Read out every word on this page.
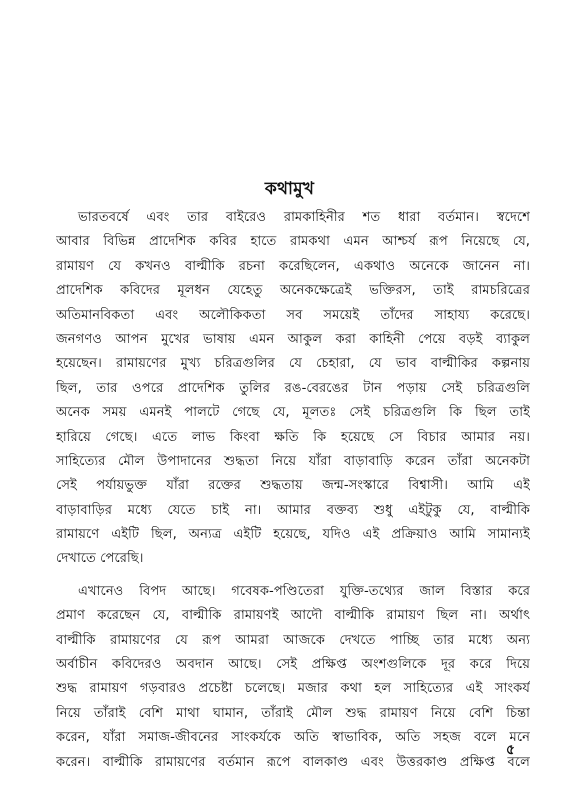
কথামুখ
ভারতবর্ষে এবং তার বাইরেও রামকাহিনীর শত ধারা বর্তমান। স্বদেশে
আবার বিভিন্ন প্রাদেশিক কবির হাতে রামকথা এমন আশ্চর্য রূপ নিয়েছে যে,
রামায়ণ যে কখনও বাল্মীকি রচনা করেছিলেন, একথাও অনেকে জানেন না।
প্রাদেশিক কবিদের মূলধন যেহেতু অনেকক্ষেত্রেই ভক্তিরস, তাই রামচরিত্রের
অতিমানবিকতা এবং অলৌকিকতা সব সময়েই তাঁদের সাহায্য করেছে।
জনগণও আপন মুখের ভাষায় এমন আকুল করা কাহিনী পেয়ে বড়ই ব্যাকুল
হয়েছেন। রামায়ণের মুখ্য চরিত্রগুলির যে চেহারা, যে ভাব বাল্মীকির কল্পনায়
ছিল, তার ওপরে প্রাদেশিক তুলির রঙ-বেরঙের টান পড়ায় সেই চরিত্রগুলি
অনেক সময় এমনই পালটে গেছে যে, মূলতঃ সেই চরিত্রগুলি কি ছিল তাই
হারিয়ে গেছে। এতে লাভ কিংবা ক্ষতি কি হয়েছে সে বিচার আমার নয়।
সাহিত্যের মৌল উপাদানের শুদ্ধতা নিয়ে যাঁরা বাড়াবাড়ি করেন তাঁরা অনেকটা
সেই পর্যায়ভুক্ত যাঁরা রক্তের শুদ্ধতায় জন্ম-সংস্কারে বিশ্বাসী। আমি এই
বাড়াবাড়ির মধ্যে যেতে চাই না। আমার বক্তব্য শুধু এইটুকু যে, বাল্মীকি
রামায়ণে এইটি ছিল, অন্যত্র এইটি হয়েছে, যদিও এই প্রক্রিয়াও আমি সামান্যই
দেখাতে পেরেছি।
এখানেও বিপদ আছে। গবেষক-পণ্ডিতেরা যুক্তি-তথ্যের জাল বিস্তার করে
প্রমাণ করেছেন যে, বাল্মীকি রামায়ণই আদৌ বাল্মীকি রামায়ণ ছিল না। অর্থাৎ
বাল্মীকি রামায়ণের যে রূপ আমরা আজকে দেখতে পাচ্ছি তার মধ্যে অন্য
অর্বাচীন কবিদেরও অবদান আছে। সেই প্রক্ষিপ্ত অংশগুলিকে দূর করে দিয়ে
শুদ্ধ রামায়ণ গড়বারও প্রচেষ্টা চলেছে। মজার কথা হল সাহিত্যের এই সাংকর্য
নিয়ে তাঁরাই বেশি মাথা ঘামান, তাঁরাই মৌল শুদ্ধ রামায়ণ নিয়ে বেশি চিন্তা
করেন, যাঁরা সমাজ-জীবনের সাংকর্যকে অতি স্বাভাবিক, অতি সহজ বলে মনে
করেন। বাল্মীকি রামায়ণের বর্তমান রূপে বালকাণ্ড এবং উত্তরকাণ্ড প্রক্ষিপ্ত বলে
৫
